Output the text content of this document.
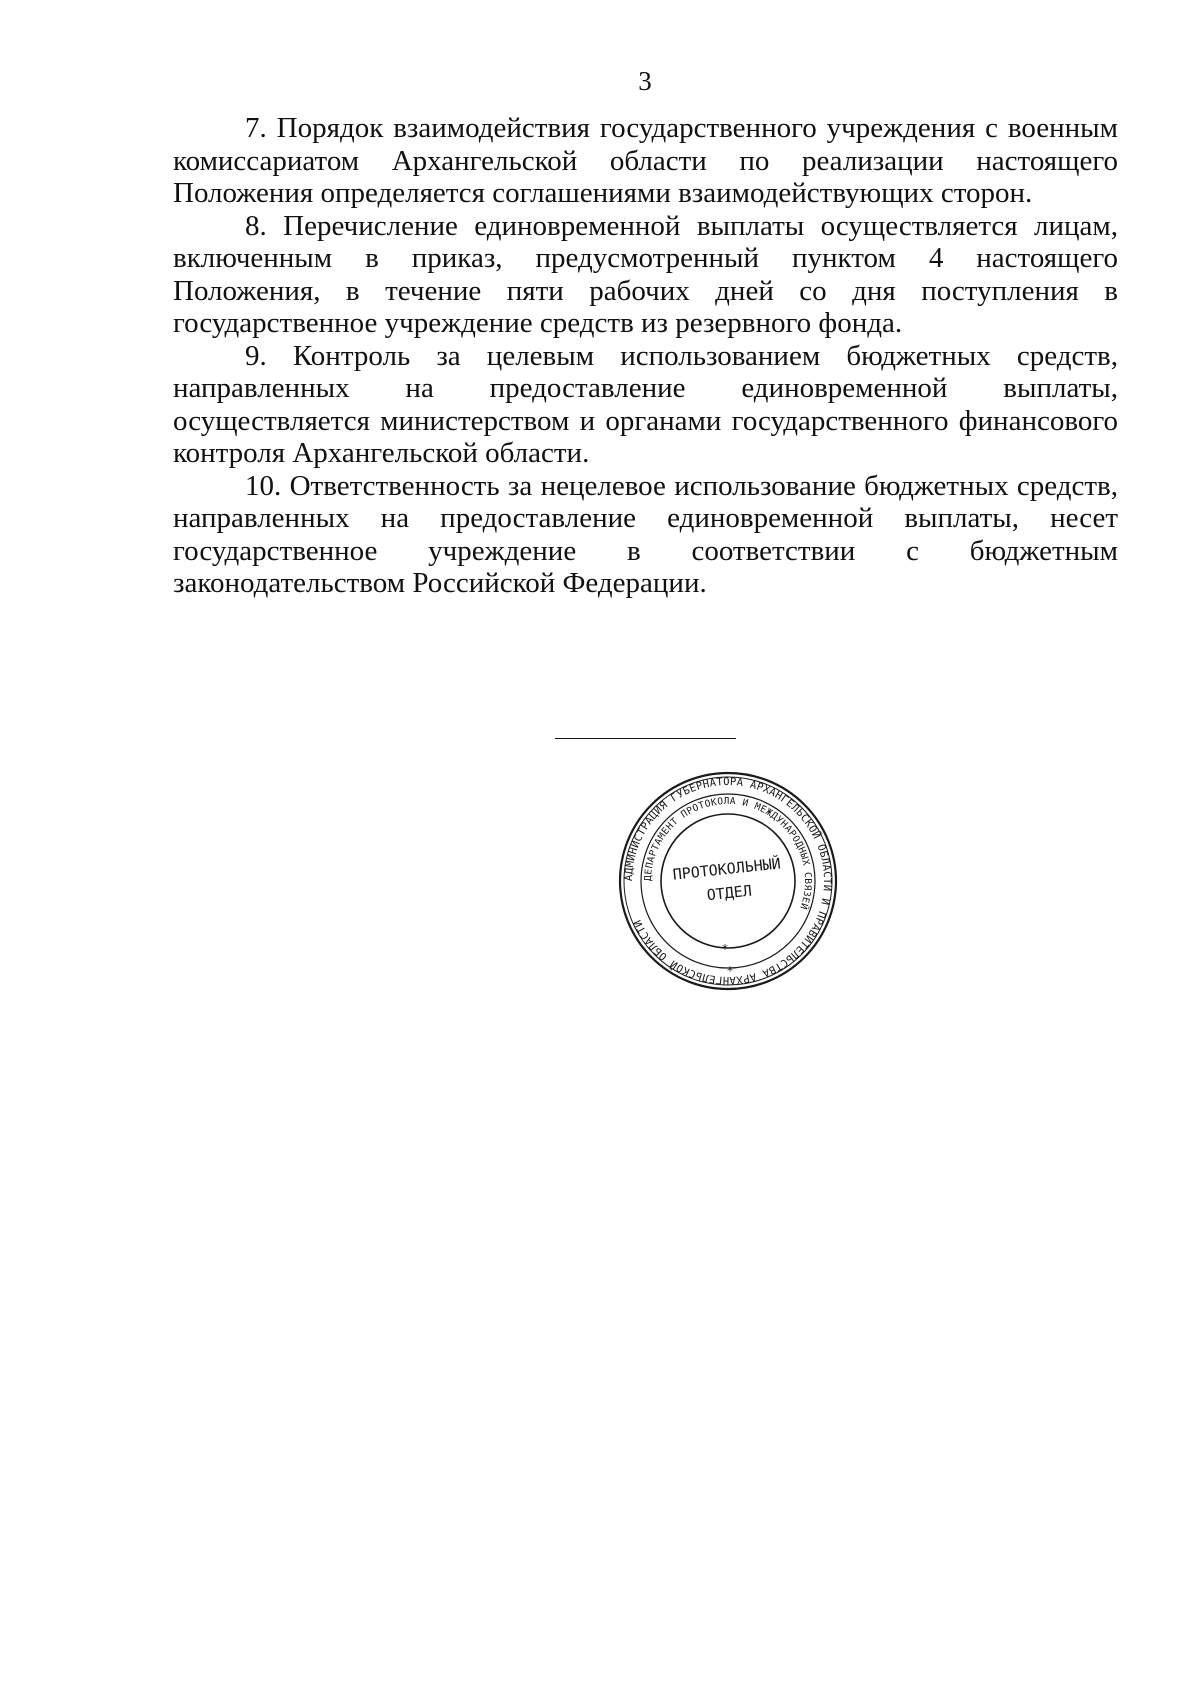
3

7. Порядок взаимодействия государственного учреждения с военным комиссариатом Архангельской области по реализации настоящего Положения определяется соглашениями взаимодействующих сторон.

8. Перечисление единовременной выплаты осуществляется лицам, включенным в приказ, предусмотренный пунктом 4 настоящего Положения, в течение пяти рабочих дней со дня поступления в государственное учреждение средств из резервного фонда.

9. Контроль за целевым использованием бюджетных средств, направленных на предоставление единовременной выплаты, осуществляется министерством и органами государственного финансового контроля Архангельской области.

10. Ответственность за нецелевое использование бюджетных средств, направленных на предоставление единовременной выплаты, несет государственное учреждение в соответствии с бюджетным законодательством Российской Федерации.

АДМИНИСТРАЦИЯ ГУБЕРНАТОРА АРХАНГЕЛЬСКОЙ ОБЛАСТИ И ПРАВИТЕЛЬСТВА АРХАНГЕЛЬСКОЙ ОБЛАСТИ
ДЕПАРТАМЕНТ ПРОТОКОЛА И МЕЖДУНАРОДНЫХ СВЯЗЕЙ
ПРОТОКОЛЬНЫЙ
ОТДЕЛ
*
*
